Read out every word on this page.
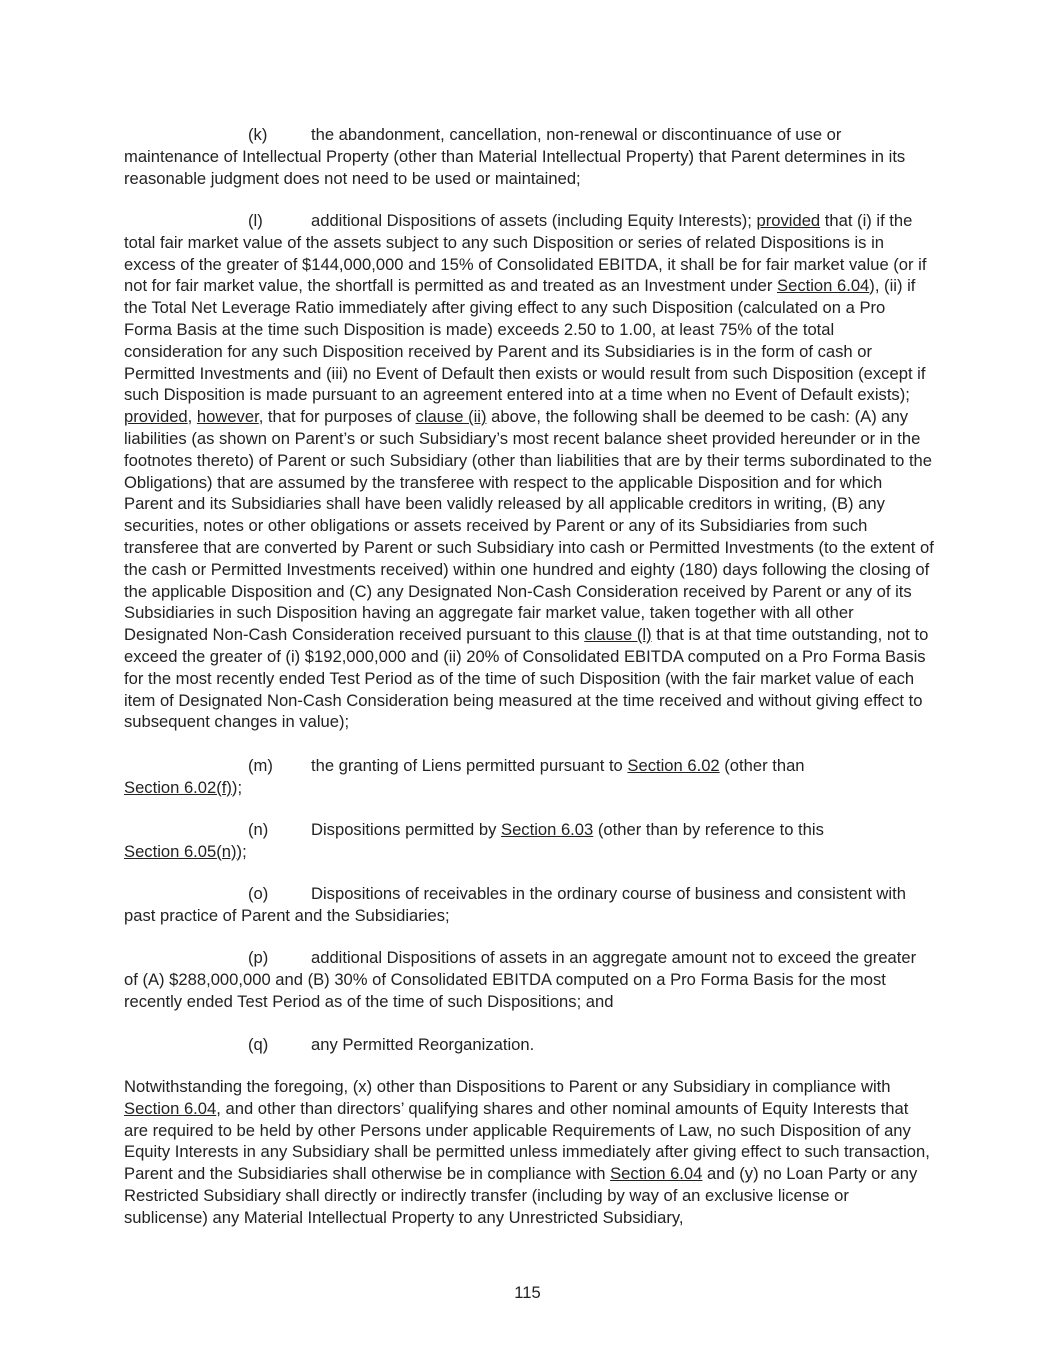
(k)	the abandonment, cancellation, non-renewal or discontinuance of use or maintenance of Intellectual Property (other than Material Intellectual Property) that Parent determines in its reasonable judgment does not need to be used or maintained;

(l)	additional Dispositions of assets (including Equity Interests); provided that (i) if the total fair market value of the assets subject to any such Disposition or series of related Dispositions is in excess of the greater of $144,000,000 and 15% of Consolidated EBITDA, it shall be for fair market value (or if not for fair market value, the shortfall is permitted as and treated as an Investment under Section 6.04), (ii) if the Total Net Leverage Ratio immediately after giving effect to any such Disposition (calculated on a Pro Forma Basis at the time such Disposition is made) exceeds 2.50 to 1.00, at least 75% of the total consideration for any such Disposition received by Parent and its Subsidiaries is in the form of cash or Permitted Investments and (iii) no Event of Default then exists or would result from such Disposition (except if such Disposition is made pursuant to an agreement entered into at a time when no Event of Default exists); provided, however, that for purposes of clause (ii) above, the following shall be deemed to be cash: (A) any liabilities (as shown on Parent’s or such Subsidiary’s most recent balance sheet provided hereunder or in the footnotes thereto) of Parent or such Subsidiary (other than liabilities that are by their terms subordinated to the Obligations) that are assumed by the transferee with respect to the applicable Disposition and for which Parent and its Subsidiaries shall have been validly released by all applicable creditors in writing, (B) any securities, notes or other obligations or assets received by Parent or any of its Subsidiaries from such transferee that are converted by Parent or such Subsidiary into cash or Permitted Investments (to the extent of the cash or Permitted Investments received) within one hundred and eighty (180) days following the closing of the applicable Disposition and (C) any Designated Non-Cash Consideration received by Parent or any of its Subsidiaries in such Disposition having an aggregate fair market value, taken together with all other Designated Non-Cash Consideration received pursuant to this clause (l) that is at that time outstanding, not to exceed the greater of (i) $192,000,000 and (ii) 20% of Consolidated EBITDA computed on a Pro Forma Basis for the most recently ended Test Period as of the time of such Disposition (with the fair market value of each item of Designated Non-Cash Consideration being measured at the time received and without giving effect to subsequent changes in value);

(m) the granting of Liens permitted pursuant to Section 6.02 (other than
Section 6.02(f));

(n)	Dispositions permitted by Section 6.03 (other than by reference to this
Section 6.05(n));

(o)	Dispositions of receivables in the ordinary course of business and consistent with past practice of Parent and the Subsidiaries;

(p)	additional Dispositions of assets in an aggregate amount not to exceed the greater of (A) $288,000,000 and (B) 30% of Consolidated EBITDA computed on a Pro Forma Basis for the most recently ended Test Period as of the time of such Dispositions; and

(q)	any Permitted Reorganization.

Notwithstanding the foregoing, (x) other than Dispositions to Parent or any Subsidiary in compliance with Section 6.04, and other than directors’ qualifying shares and other nominal amounts of Equity Interests that are required to be held by other Persons under applicable Requirements of Law, no such Disposition of any Equity Interests in any Subsidiary shall be permitted unless immediately after giving effect to such transaction, Parent and the Subsidiaries shall otherwise be in compliance with Section 6.04 and (y) no Loan Party or any Restricted Subsidiary shall directly or indirectly transfer (including by way of an exclusive license or sublicense) any Material Intellectual Property to any Unrestricted Subsidiary,

115
